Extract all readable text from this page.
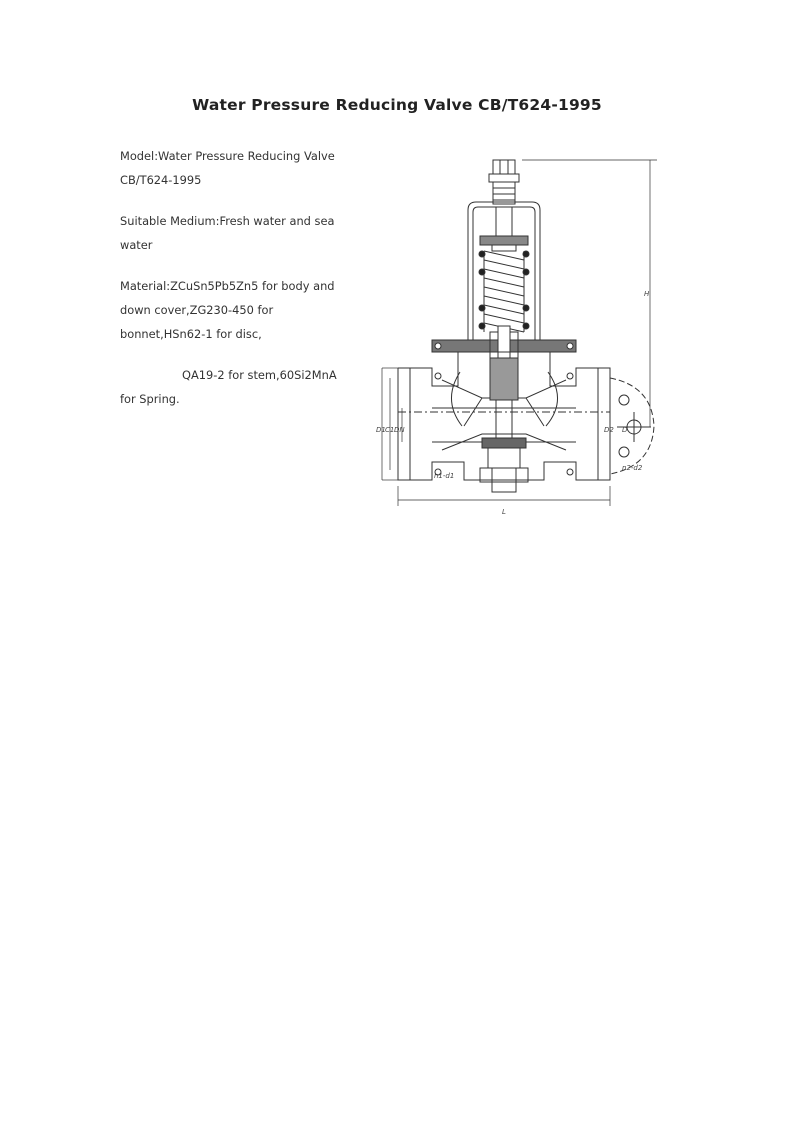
Water Pressure Reducing Valve CB/T624-1995

Model:Water Pressure Reducing Valve
CB/T624-1995

Suitable Medium:Fresh water and sea
water

Material:ZCuSn5Pb5Zn5 for body and
down cover,ZG230-450 for
bonnet,HSn62-1 for disc,

QA19-2 for stem,60Si2MnA
for Spring.

D1 C1 DN	D2 D
H
L
n1-d1
n2-d2
